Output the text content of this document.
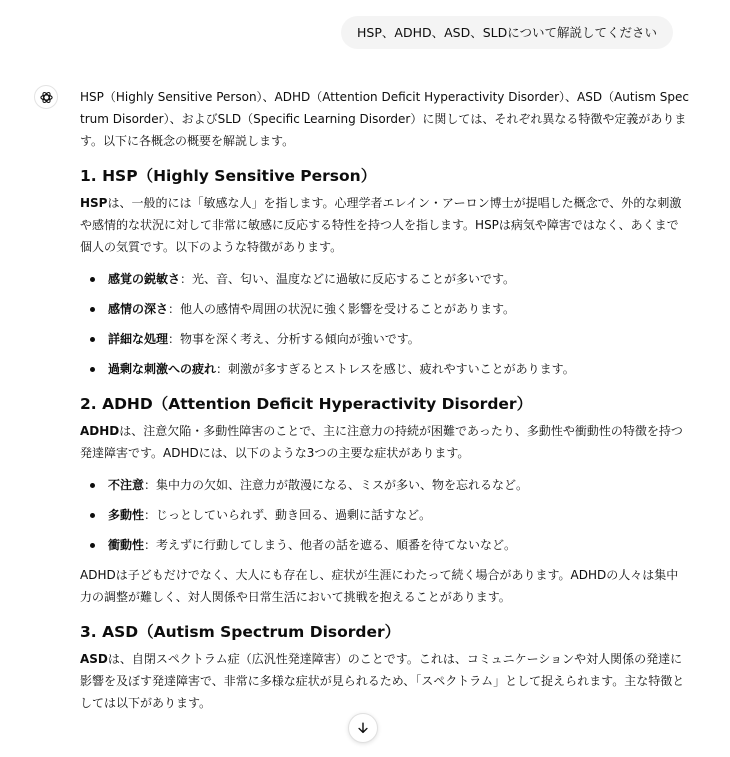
HSP、ADHD、ASD、SLDについて解説してください

HSP（Highly Sensitive Person）、ADHD（Attention Deficit Hyperactivity Disorder）、ASD（Autism Spectrum Disorder）、およびSLD（Specific Learning Disorder）に関しては、それぞれ異なる特徴や定義があります。以下に各概念の概要を解説します。

1. HSP（Highly Sensitive Person）

HSPは、一般的には「敏感な人」を指します。心理学者エレイン・アーロン博士が提唱した概念で、外的な刺激や感情的な状況に対して非常に敏感に反応する特性を持つ人を指します。HSPは病気や障害ではなく、あくまで個人の気質です。以下のような特徴があります。

感覚の鋭敏さ：光、音、匂い、温度などに過敏に反応することが多いです。
感情の深さ：他人の感情や周囲の状況に強く影響を受けることがあります。
詳細な処理：物事を深く考え、分析する傾向が強いです。
過剰な刺激への疲れ：刺激が多すぎるとストレスを感じ、疲れやすいことがあります。
2. ADHD（Attention Deficit Hyperactivity Disorder）

ADHDは、注意欠陥・多動性障害のことで、主に注意力の持続が困難であったり、多動性や衝動性の特徴を持つ発達障害です。ADHDには、以下のような3つの主要な症状があります。

不注意：集中力の欠如、注意力が散漫になる、ミスが多い、物を忘れるなど。
多動性：じっとしていられず、動き回る、過剰に話すなど。
衝動性：考えずに行動してしまう、他者の話を遮る、順番を待てないなど。

ADHDは子どもだけでなく、大人にも存在し、症状が生涯にわたって続く場合があります。ADHDの人々は集中力の調整が難しく、対人関係や日常生活において挑戦を抱えることがあります。

3. ASD（Autism Spectrum Disorder）

ASDは、自閉スペクトラム症（広汎性発達障害）のことです。これは、コミュニケーションや対人関係の発達に影響を及ぼす発達障害で、非常に多様な症状が見られるため、「スペクトラム」として捉えられます。主な特徴としては以下があります。
